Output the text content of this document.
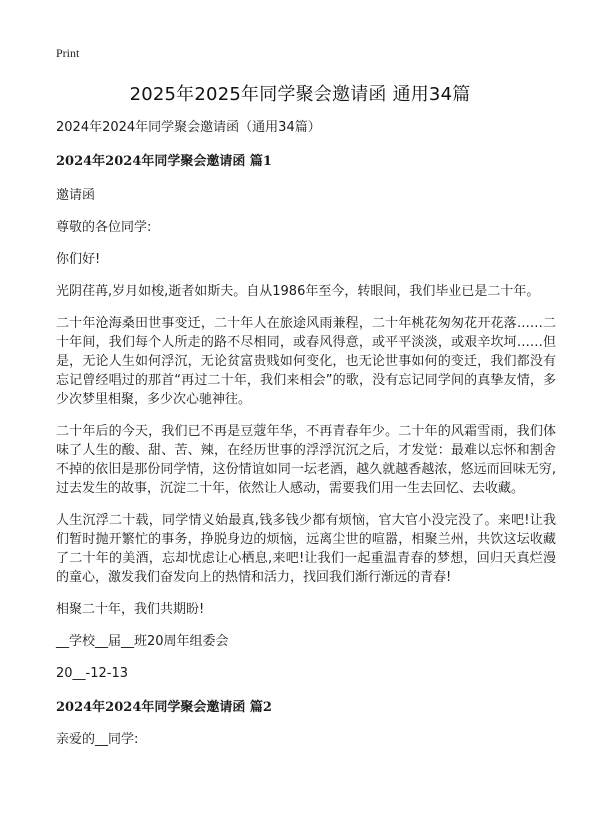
Print
2025年2025年同学聚会邀请函 通用34篇

2024年2024年同学聚会邀请函（通用34篇）

2024年2024年同学聚会邀请函 篇1

邀请函

尊敬的各位同学:

你们好!

光阴荏苒,岁月如梭,逝者如斯夫。自从1986年至今，转眼间，我们毕业已是二十年。

二十年沧海桑田世事变迁，二十年人在旅途风雨兼程，二十年桃花匆匆花开花落……二十年间，我们每个人所走的路不尽相同，或春风得意，或平平淡淡，或艰辛坎坷……但是，无论人生如何浮沉，无论贫富贵贱如何变化，也无论世事如何的变迁，我们都没有忘记曾经唱过的那首“再过二十年，我们来相会”的歌，没有忘记同学间的真挚友情，多少次梦里相聚，多少次心驰神往。

二十年后的今天，我们已不再是豆蔻年华，不再青春年少。二十年的风霜雪雨，我们体味了人生的酸、甜、苦、辣，在经历世事的浮浮沉沉之后，才发觉：最难以忘怀和割舍不掉的依旧是那份同学情，这份情谊如同一坛老酒，越久就越香越浓，悠远而回味无穷,过去发生的故事，沉淀二十年，依然让人感动，需要我们用一生去回忆、去收藏。

人生沉浮二十载，同学情义始最真,钱多钱少都有烦恼，官大官小没完没了。来吧!让我们暂时抛开繁忙的事务，挣脱身边的烦恼，远离尘世的喧嚣，相聚兰州，共饮这坛收藏了二十年的美酒，忘却忧虑让心栖息,来吧!让我们一起重温青春的梦想，回归天真烂漫的童心，激发我们奋发向上的热情和活力，找回我们渐行渐远的青春!

相聚二十年，我们共期盼!

__学校__届__班20周年组委会

20__-12-13

2024年2024年同学聚会邀请函 篇2

亲爱的__同学:
